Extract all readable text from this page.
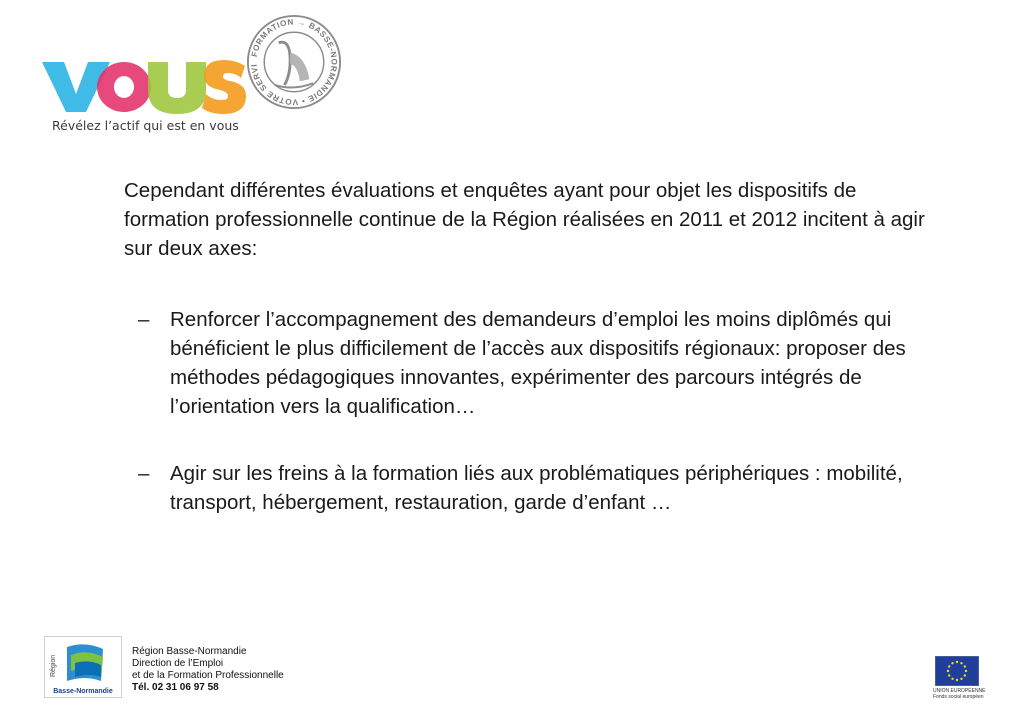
Révélez l’actif qui est en vous
FORMATION → BASSE-NORMANDIE • VOTRE SERVI

Cependant différentes évaluations et enquêtes ayant pour objet les dispositifs de formation professionnelle continue de la Région réalisées en 2011 et 2012 incitent à agir sur deux axes:

– Renforcer l’accompagnement des demandeurs d’emploi les moins diplômés qui bénéficient le plus difficilement de l’accès aux dispositifs régionaux: proposer des méthodes pédagogiques innovantes, expérimenter des parcours intégrés de l’orientation vers la qualification…
– Agir sur les freins à la formation liés aux problématiques périphériques : mobilité, transport, hébergement, restauration, garde d’enfant …
Région
Basse-Normandie
Région Basse-Normandie
Direction de l’Emploi
et de la Formation Professionnelle
Tél. 02 31 06 97 58	UNION EUROPÉENNE
Fonds social européen
